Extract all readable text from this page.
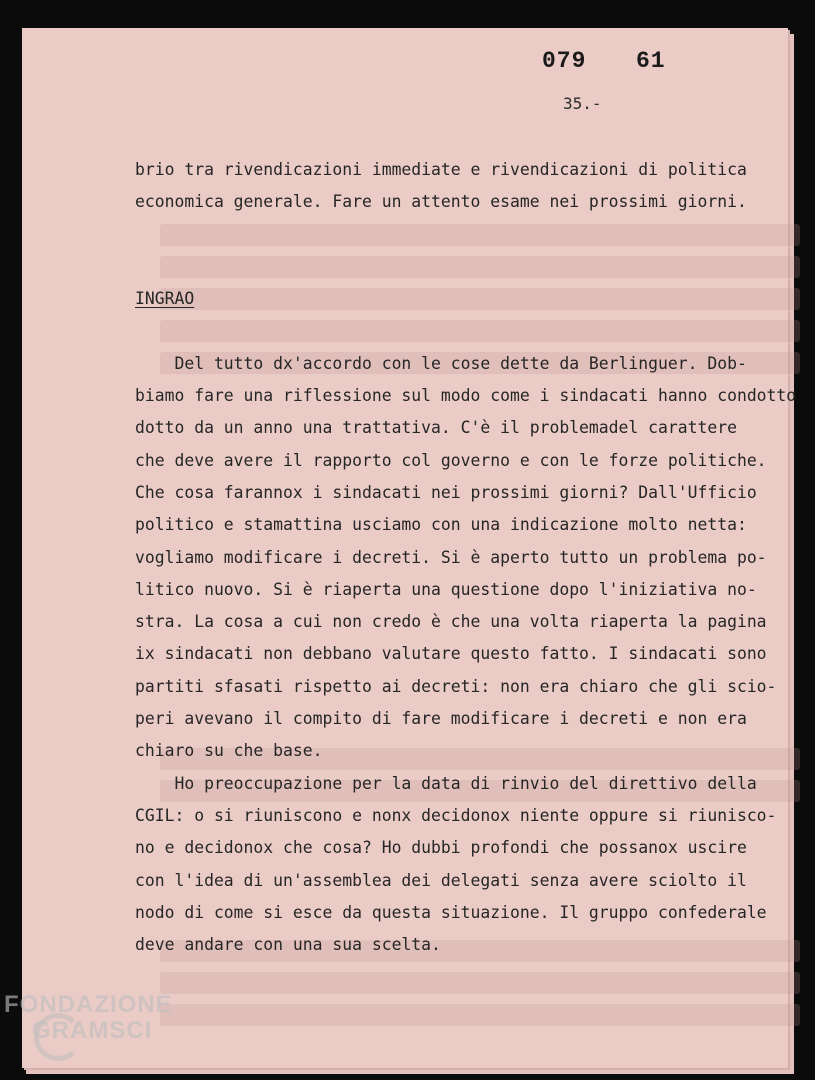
079 61
35.-
brio tra rivendicazioni immediate e rivendicazioni di politica
economica generale. Fare un attento esame nei prossimi giorni.
INGRAO
Del tutto dx'accordo con le cose dette da Berlinguer. Dob-
biamo fare una riflessione sul modo come i sindacati hanno condotto
dotto da un anno una trattativa. C'è il problemadel carattere
che deve avere il rapporto col governo e con le forze politiche.
Che cosa farannox i sindacati nei prossimi giorni? Dall'Ufficio
politico e stamattina usciamo con una indicazione molto netta:
vogliamo modificare i decreti. Si è aperto tutto un problema po-
litico nuovo. Si è riaperta una questione dopo l'iniziativa no-
stra. La cosa a cui non credo è che una volta riaperta la pagina
ix sindacati non debbano valutare questo fatto. I sindacati sono
partiti sfasati rispetto ai decreti: non era chiaro che gli scio-
peri avevano il compito di fare modificare i decreti e non era
chiaro su che base.
Ho preoccupazione per la data di rinvio del direttivo della
CGIL: o si riuniscono e nonx decidonox niente oppure si riunisco-
no e decidonox che cosa? Ho dubbi profondi che possanox uscire
con l'idea di un'assemblea dei delegati senza avere sciolto il
nodo di come si esce da questa situazione. Il gruppo confederale
deve andare con una sua scelta.
FONDAZIONE
GRAMSCI
